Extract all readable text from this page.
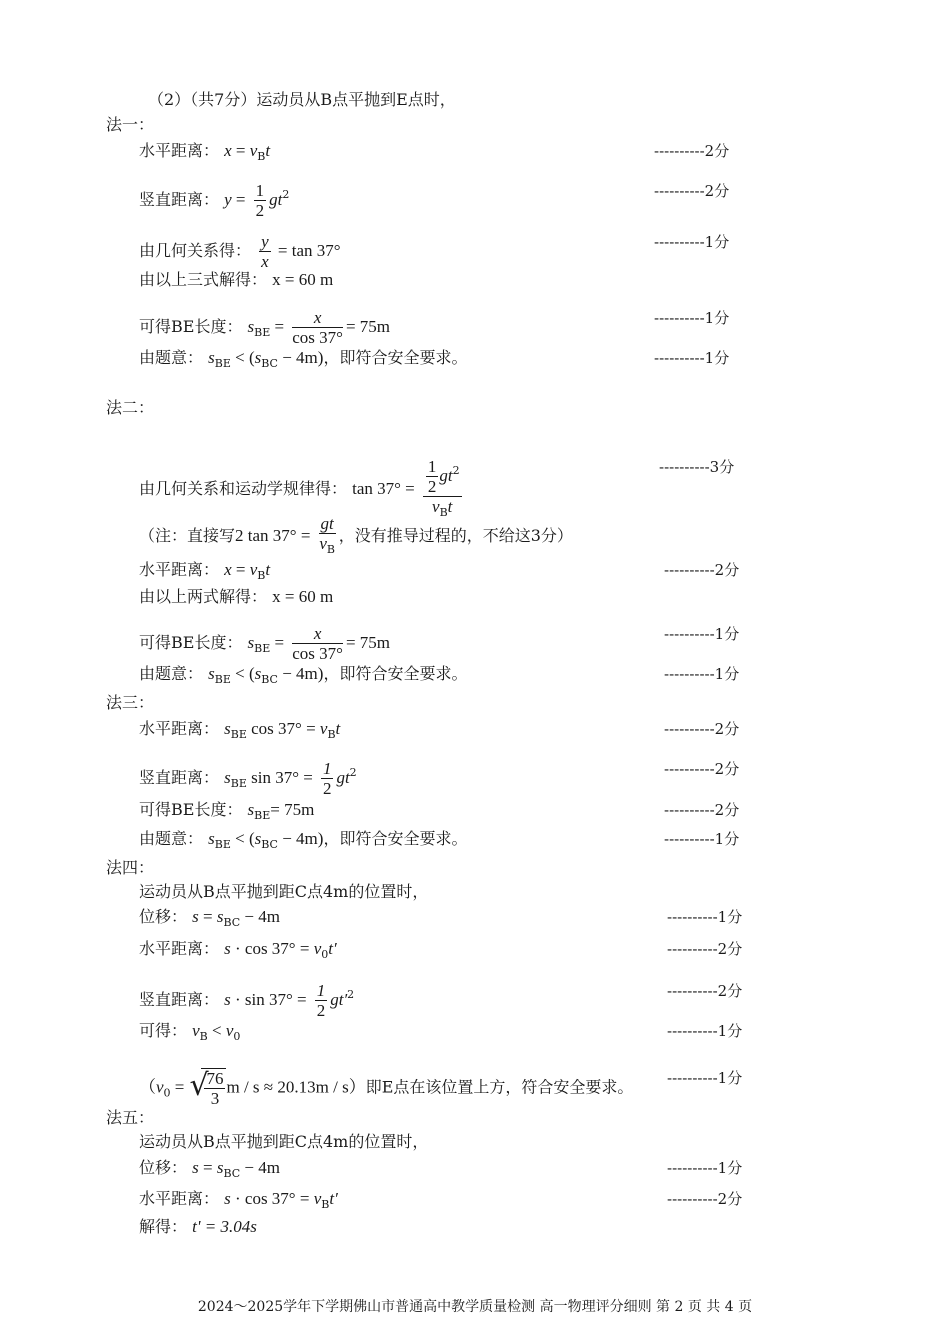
（2）（共7分）运动员从B点平抛到E点时，
法一：
水平距离： $x = v_Bt$	----------2分
竖直距离： $y = \frac{1}{2} gt^2$	----------2分
由几何关系得： $\frac{y}{x} = \tan 37^\circ$	----------1分
由以上三式解得： x = 60 m
可得BE长度： $s_{BE} = \frac{x}{\cos 37^\circ} = 75m$	----------1分
由题意： $s_{BE} < (s_{BC} - 4m)$，即符合安全要求。	----------1分
法二：
由几何关系和运动学规律得： $\tan 37^\circ = \frac{\frac{1}{2} gt^2}{v_Bt}$	----------3分
（注：直接写2 $\tan 37^\circ = \frac{gt}{v_B}$ ，没有推导过程的，不给这3分）
水平距离： $x = v_Bt$	----------2分
由以上两式解得： x = 60 m
可得BE长度： $s_{BE} = \frac{x}{\cos 37^\circ} = 75m$	----------1分
由题意： $s_{BE} < (s_{BC} - 4m)$，即符合安全要求。	----------1分
法三：
水平距离： $s_{BE}$ $\cos 37^\circ = v_Bt$	----------2分
竖直距离： $s_{BE}$ $\sin 37^\circ = \frac{1}{2} gt^2$	----------2分
可得BE长度： $s_{BE}= 75m$	----------2分
由题意： $s_{BE} < (s_{BC} - 4m)$，即符合安全要求。	----------1分
法四：
运动员从B点平抛到距C点4m的位置时，
位移： $s = s_{BC} - 4m$	----------1分
水平距离： $s \cdot \cos 37^\circ = v_0t'$	----------2分
竖直距离： $s \cdot \sin 37^\circ = \frac{1}{2} gt'^2$	----------2分
可得： $v_B < v_0$	----------1分
（$v_0$ = √
$\frac{76}{3}$ m / s ≈ 20.13m / s）即E点在该位置上方，符合安全要求。 ----------1分
法五：
运动员从B点平抛到距C点4m的位置时，
位移： $s = s_{BC} - 4m$	----------1分
水平距离： $s \cdot \cos 37^\circ = v_Bt'$	----------2分
解得： t' = 3.04s
2024～2025学年下学期佛山市普通高中教学质量检测 高一物理评分细则 第 2 页 共 4 页
